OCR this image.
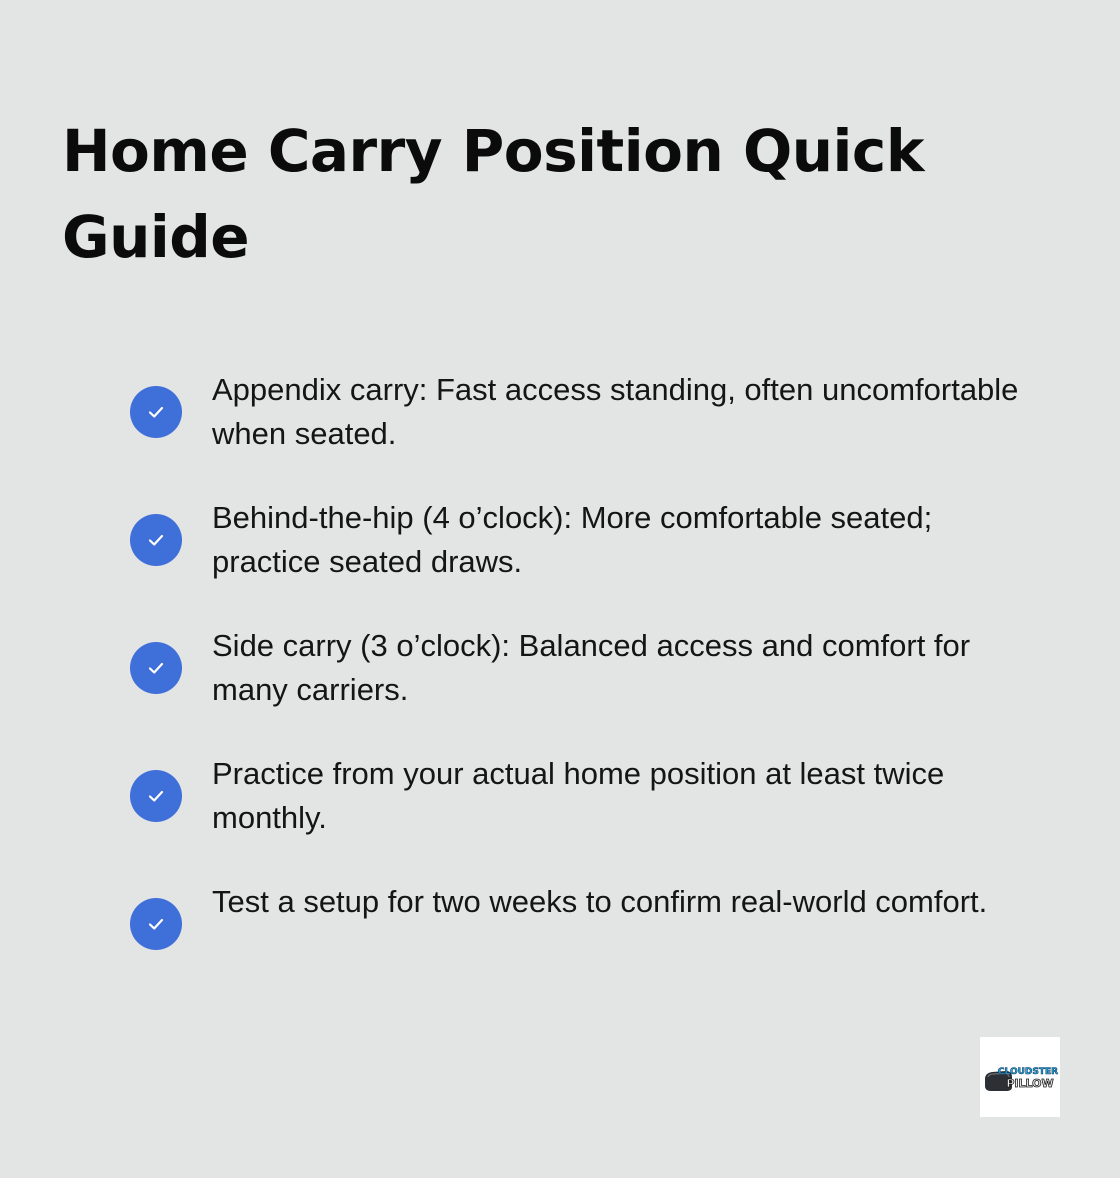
Home Carry Position Quick Guide
Appendix carry: Fast access standing, often uncomfortable when seated.
Behind-the-hip (4 o’clock): More comfortable seated; practice seated draws.
Side carry (3 o’clock): Balanced access and comfort for many carriers.
Practice from your actual home position at least twice monthly.
Test a setup for two weeks to confirm real-world comfort.
CLOUDSTER
PILLOW
